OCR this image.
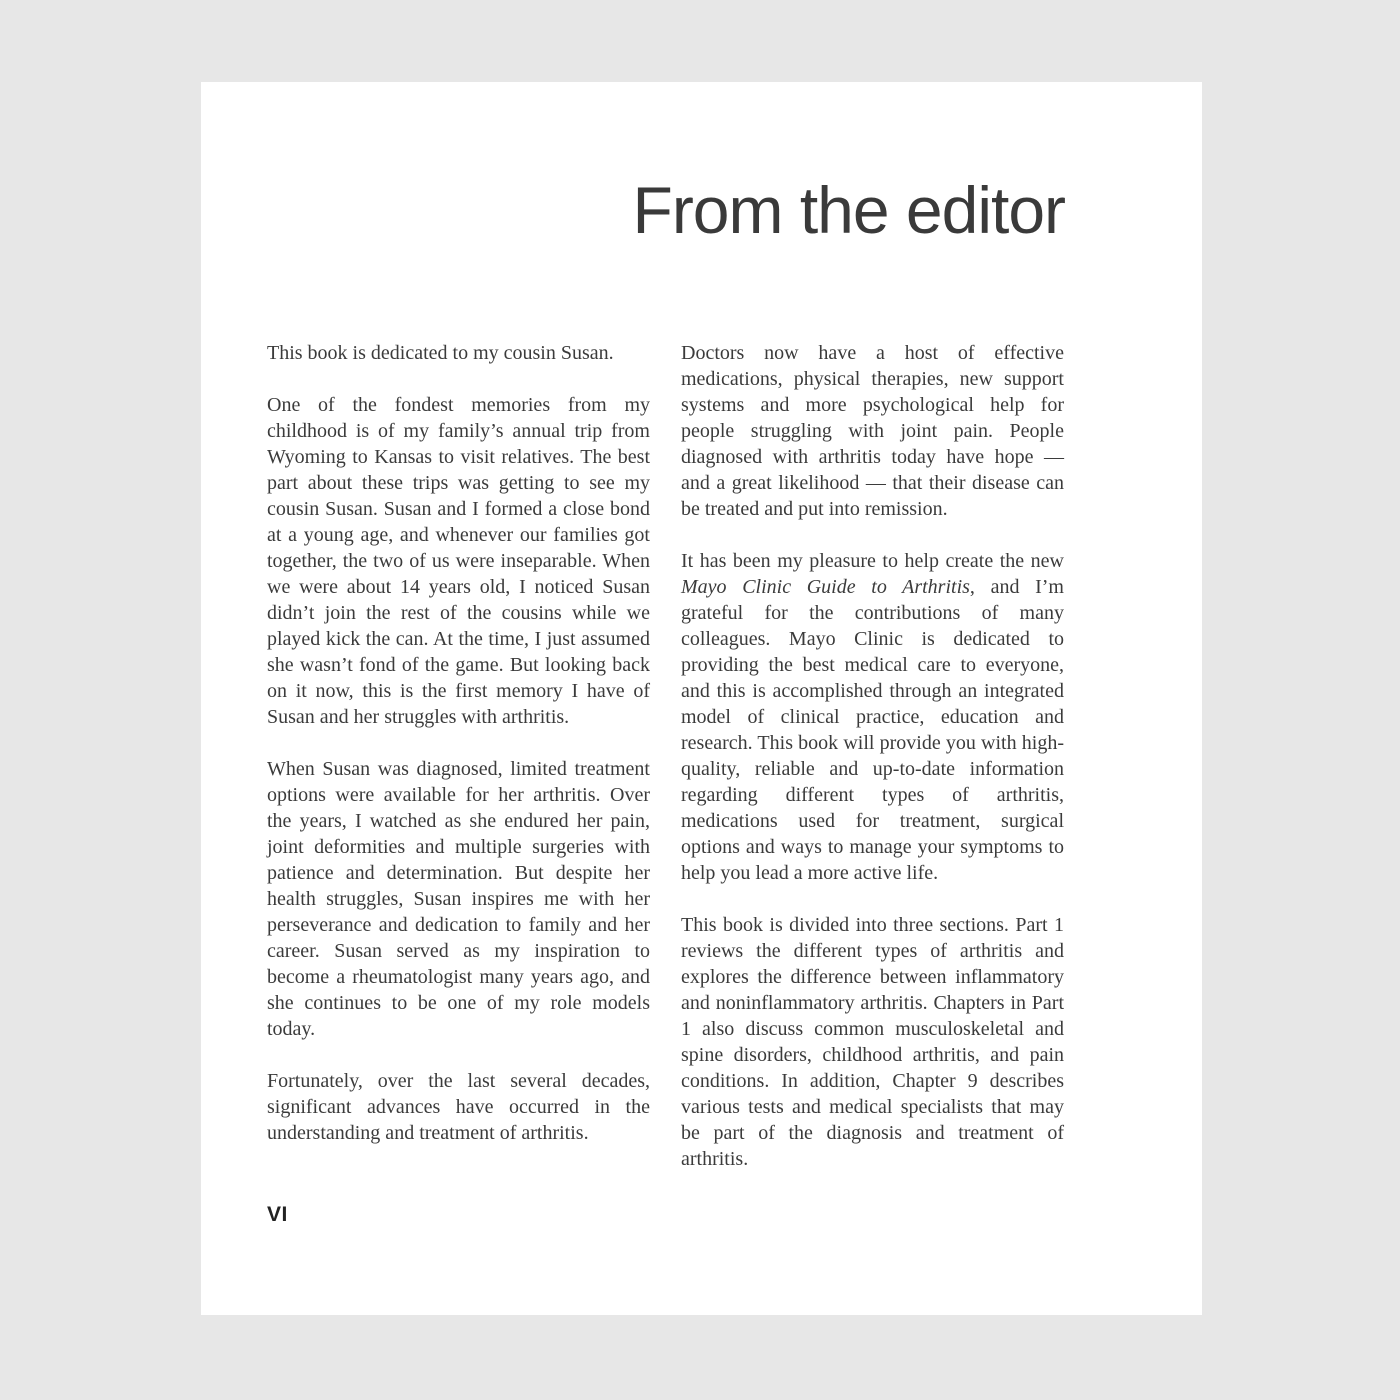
From the editor

This book is dedicated to my cousin Susan.

One of the fondest memories from my childhood is of my family’s annual trip from Wyoming to Kansas to visit relatives. The best part about these trips was getting to see my cousin Susan. Susan and I formed a close bond at a young age, and whenever our families got together, the two of us were inseparable. When we were about 14 years old, I noticed Susan didn’t join the rest of the cousins while we played kick the can. At the time, I just assumed she wasn’t fond of the game. But looking back on it now, this is the first memory I have of Susan and her struggles with arthritis.

When Susan was diagnosed, limited treatment options were available for her arthritis. Over the years, I watched as she endured her pain, joint deformities and multiple surgeries with patience and determination. But despite her health struggles, Susan inspires me with her perseverance and dedication to family and her career. Susan served as my inspiration to become a rheumatologist many years ago, and she continues to be one of my role models today.

Fortunately, over the last several decades, significant advances have occurred in the understanding and treatment of arthritis.

Doctors now have a host of effective medications, physical therapies, new support systems and more psychological help for people struggling with joint pain. People diagnosed with arthritis today have hope — and a great likelihood — that their disease can be treated and put into remission.

It has been my pleasure to help create the new Mayo Clinic Guide to Arthritis, and I’m grateful for the contributions of many colleagues. Mayo Clinic is dedicated to providing the best medical care to everyone, and this is accomplished through an integrated model of clinical practice, education and research. This book will provide you with high-quality, reliable and up-to-date information regarding different types of arthritis, medications used for treatment, surgical options and ways to manage your symptoms to help you lead a more active life.

This book is divided into three sections. Part 1 reviews the different types of arthritis and explores the difference between inflammatory and noninflammatory arthritis. Chapters in Part 1 also discuss common musculoskeletal and spine disorders, childhood arthritis, and pain conditions. In addition, Chapter 9 describes various tests and medical specialists that may be part of the diagnosis and treatment of arthritis.

VI
